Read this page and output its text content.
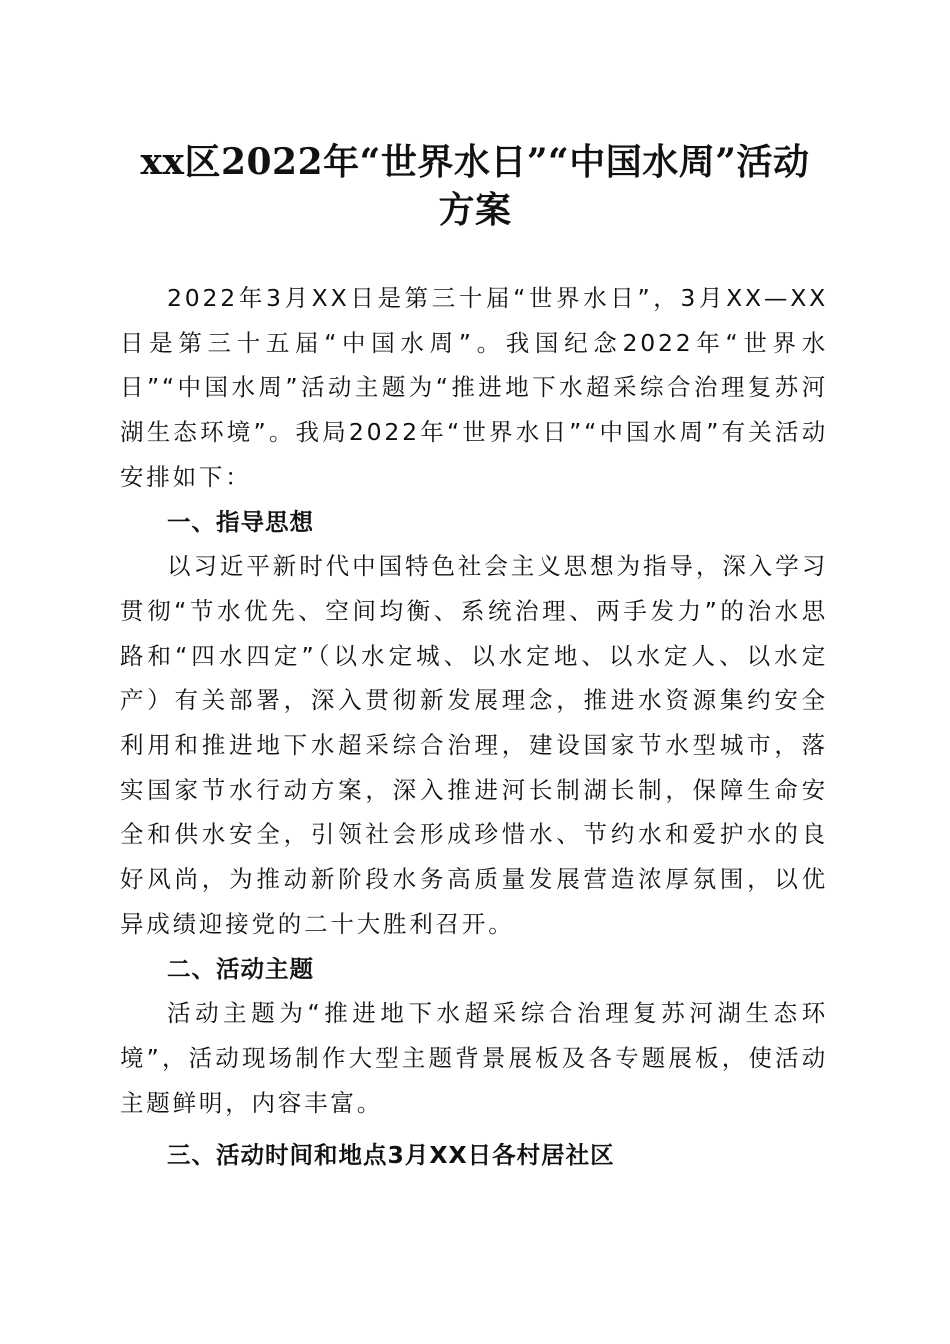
xx区2022年“世界水日”“中国水周”活动
方案

2022年3月XX日是第三十届“世界水日”，3月XX—XX日是第三十五届“中国水周”。我国纪念2022年“世界水日”“中国水周”活动主题为“推进地下水超采综合治理复苏河湖生态环境”。我局2022年“世界水日”“中国水周”有关活动安排如下：

一、指导思想

以习近平新时代中国特色社会主义思想为指导，深入学习贯彻“节水优先、空间均衡、系统治理、两手发力”的治水思路和“四水四定”（以水定城、以水定地、以水定人、以水定产）有关部署，深入贯彻新发展理念，推进水资源集约安全利用和推进地下水超采综合治理，建设国家节水型城市，落实国家节水行动方案，深入推进河长制湖长制，保障生命安全和供水安全，引领社会形成珍惜水、节约水和爱护水的良好风尚，为推动新阶段水务高质量发展营造浓厚氛围，以优异成绩迎接党的二十大胜利召开。

二、活动主题

活动主题为“推进地下水超采综合治理复苏河湖生态环境”，活动现场制作大型主题背景展板及各专题展板，使活动主题鲜明，内容丰富。

三、活动时间和地点3月XX日各村居社区
